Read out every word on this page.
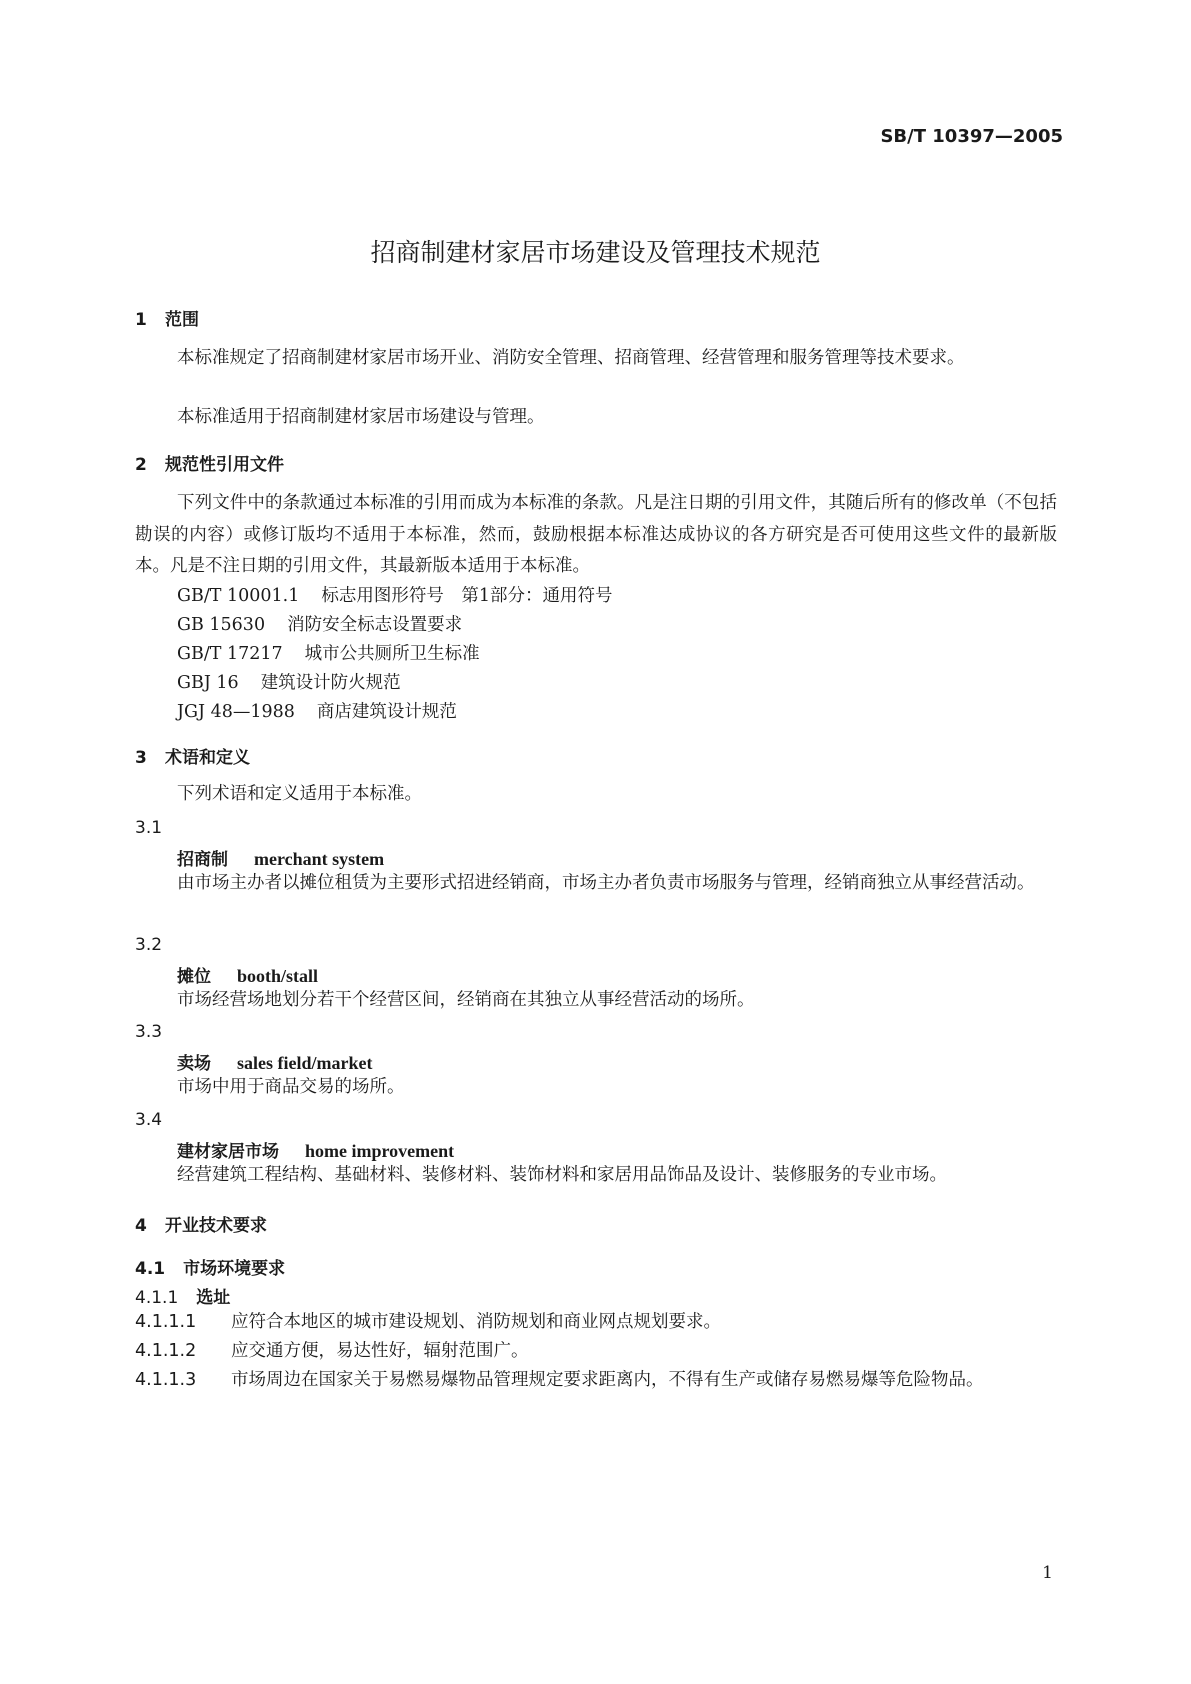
SB/T 10397—2005
招商制建材家居市场建设及管理技术规范
1 范围
本标准规定了招商制建材家居市场开业、消防安全管理、招商管理、经营管理和服务管理等技术要求。
本标准适用于招商制建材家居市场建设与管理。
2 规范性引用文件
下列文件中的条款通过本标准的引用而成为本标准的条款。凡是注日期的引用文件，其随后所有的修改单（不包括勘误的内容）或修订版均不适用于本标准，然而，鼓励根据本标准达成协议的各方研究是否可使用这些文件的最新版本。凡是不注日期的引用文件，其最新版本适用于本标准。
GB/T 10001.1 标志用图形符号　第1部分：通用符号
GB 15630 消防安全标志设置要求
GB/T 17217 城市公共厕所卫生标准
GBJ 16 建筑设计防火规范
JGJ 48—1988 商店建筑设计规范
3 术语和定义
下列术语和定义适用于本标准。
3.1
招商制 merchant system
由市场主办者以摊位租赁为主要形式招进经销商，市场主办者负责市场服务与管理，经销商独立从事经营活动。
3.2
摊位 booth/stall
市场经营场地划分若干个经营区间，经销商在其独立从事经营活动的场所。
3.3
卖场 sales field/market
市场中用于商品交易的场所。
3.4
建材家居市场 home improvement
经营建筑工程结构、基础材料、装修材料、装饰材料和家居用品饰品及设计、装修服务的专业市场。
4 开业技术要求
4.1 市场环境要求
4.1.1 选址
4.1.1.1 应符合本地区的城市建设规划、消防规划和商业网点规划要求。
4.1.1.2 应交通方便，易达性好，辐射范围广。
4.1.1.3 市场周边在国家关于易燃易爆物品管理规定要求距离内，不得有生产或储存易燃易爆等危险物品。
1
